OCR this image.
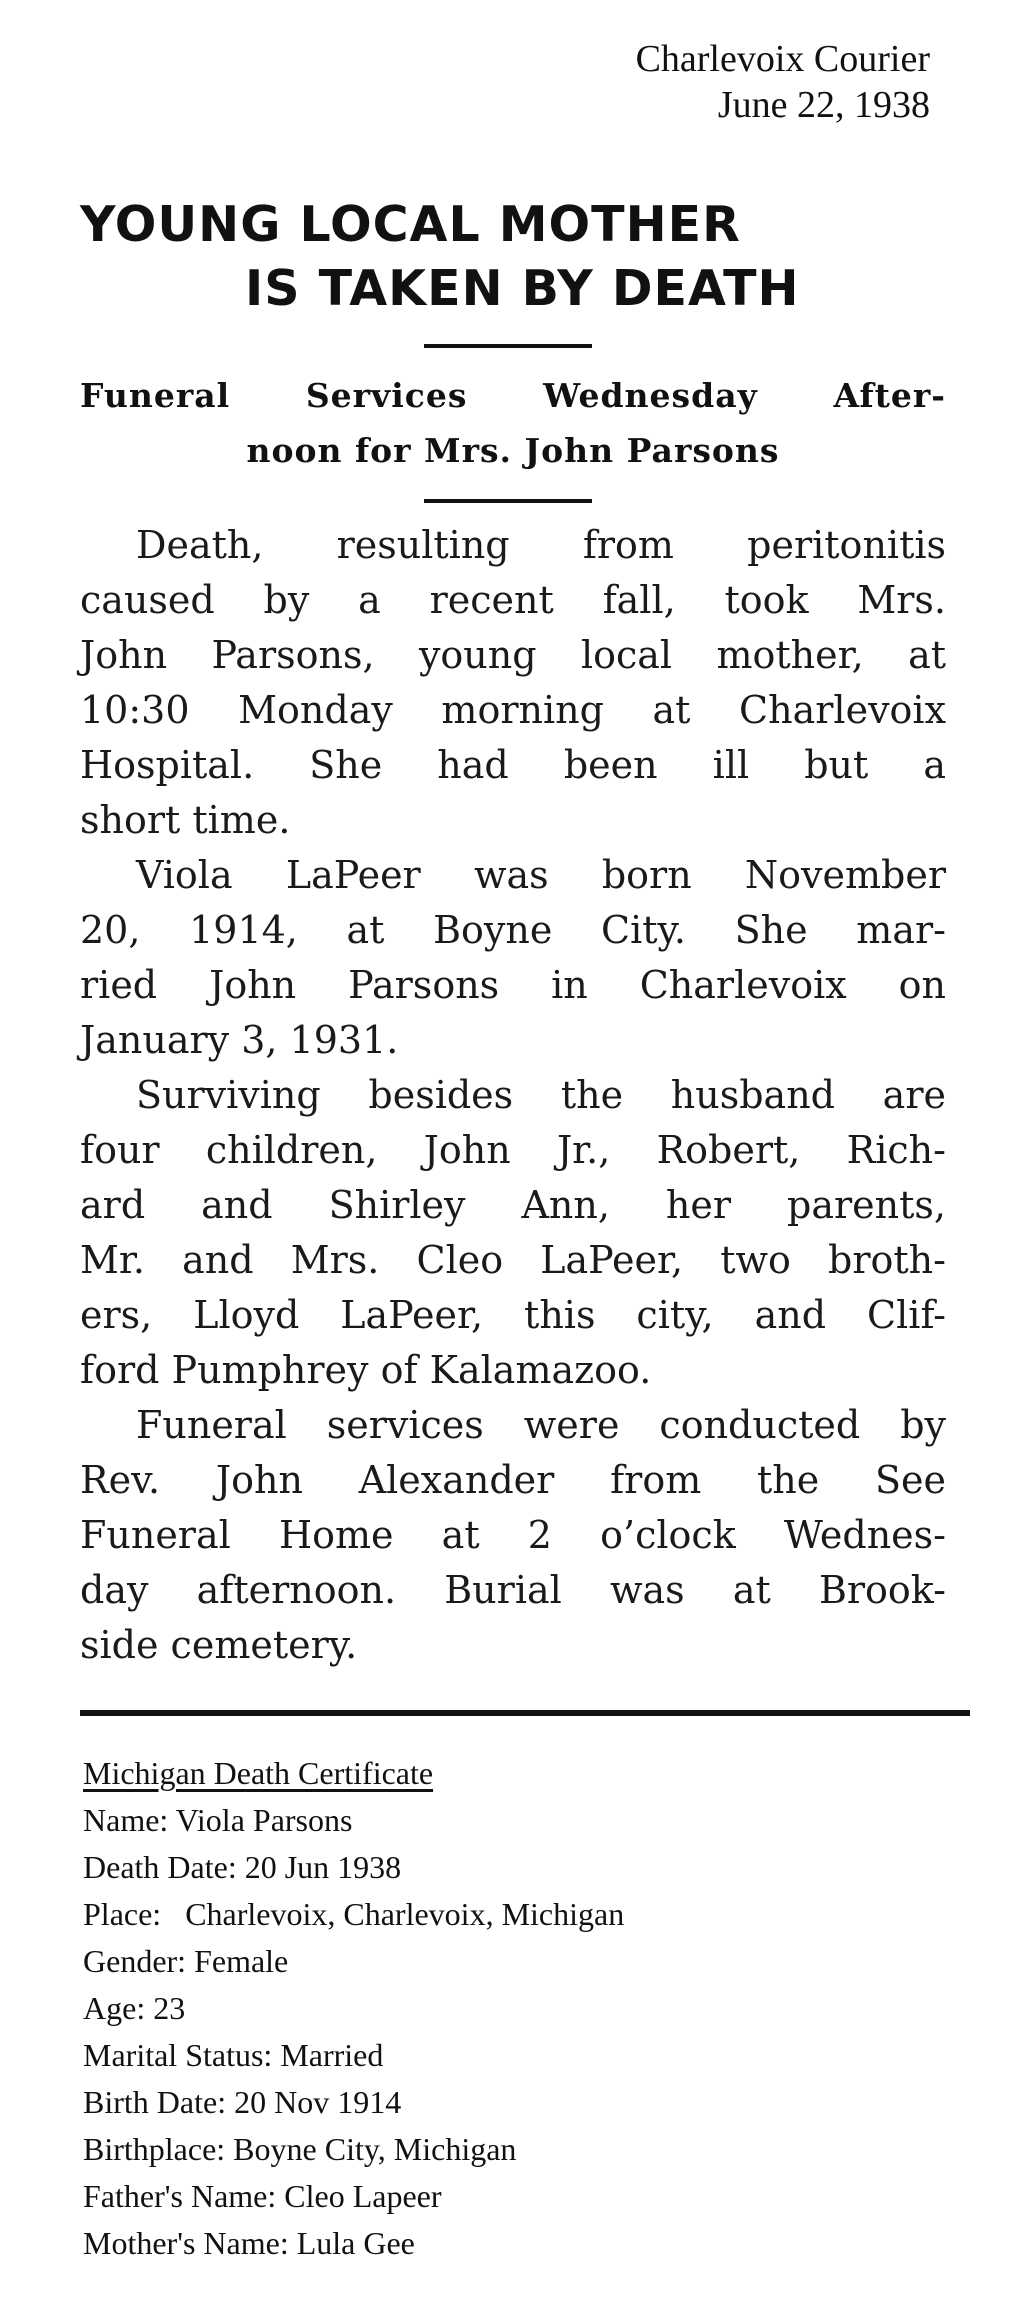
Charlevoix Courier
June 22, 1938
YOUNG LOCAL MOTHER
IS TAKEN BY DEATH
Funeral Services Wednesday After-
noon for Mrs. John Parsons

Death, resulting from peritonitis
caused by a recent fall, took Mrs.
John Parsons, young local mother, at
10:30 Monday morning at Charlevoix
Hospital. She had been ill but a
short time.

Viola LaPeer was born November
20, 1914, at Boyne City. She mar-
ried John Parsons in Charlevoix on
January 3, 1931.

Surviving besides the husband are
four children, John Jr., Robert, Rich-
ard and Shirley Ann, her parents,
Mr. and Mrs. Cleo LaPeer, two broth-
ers, Lloyd LaPeer, this city, and Clif-
ford Pumphrey of Kalamazoo.

Funeral services were conducted by
Rev. John Alexander from the See
Funeral Home at 2 o’clock Wednes-
day afternoon. Burial was at Brook-
side cemetery.

Michigan Death Certificate
Name: Viola Parsons
Death Date: 20 Jun 1938
Place:   Charlevoix, Charlevoix, Michigan
Gender: Female
Age: 23
Marital Status: Married
Birth Date: 20 Nov 1914
Birthplace: Boyne City, Michigan
Father's Name: Cleo Lapeer
Mother's Name: Lula Gee
